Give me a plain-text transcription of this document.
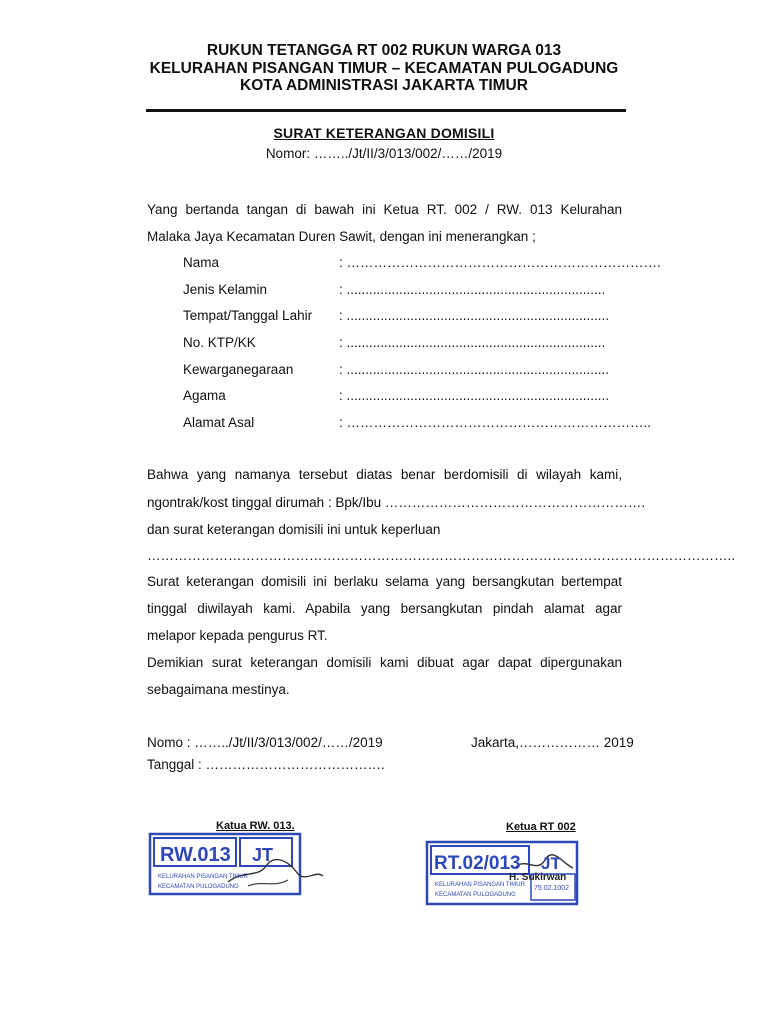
RUKUN TETANGGA RT 002 RUKUN WARGA 013
KELURAHAN PISANGAN TIMUR – KECAMATAN PULOGADUNG
KOTA ADMINISTRASI JAKARTA TIMUR
SURAT KETERANGAN DOMISILI
Nomor: ……../Jt/II/3/013/002/……/2019
Yang bertanda tangan di bawah ini Ketua RT. 002 / RW. 013 Kelurahan
Malaka Jaya Kecamatan Duren Sawit, dengan ini menerangkan ;
Nama	: …………………………………………………………….
Jenis Kelamin	: .....................................................................
Tempat/Tanggal Lahir : ......................................................................
No. KTP/KK	: .....................................................................
Kewarganegaraan	: ......................................................................
Agama	: ......................................................................
Alamat Asal	: …………………………………………………………..
Bahwa yang namanya tersebut diatas benar berdomisili di wilayah kami,
ngontrak/kost tinggal dirumah : Bpk/Ibu ………………………………………………….
dan surat keterangan domisili ini untuk keperluan
…………………………………………………………………………………………………………………..
Surat keterangan domisili ini berlaku selama yang bersangkutan bertempat
tinggal diwilayah kami. Apabila yang bersangkutan pindah alamat agar
melapor kepada pengurus RT.
Demikian surat keterangan domisili kami dibuat agar dapat dipergunakan
sebagaimana mestinya.
Nomo : ……../Jt/II/3/013/002/……/2019	Jakarta,……………… 2019
Tanggal : ………………………………….
Katua RW. 013.
RW.013 JT
KELURAHAN PISANGAN TIMUR
KECAMATAN PULOGADUNG
Ketua RT 002
RT.02/013 JT
KELURAHAN PISANGAN TIMUR
KECAMATAN PULOGADUNG
H. Sukirwan
75.02.1002
